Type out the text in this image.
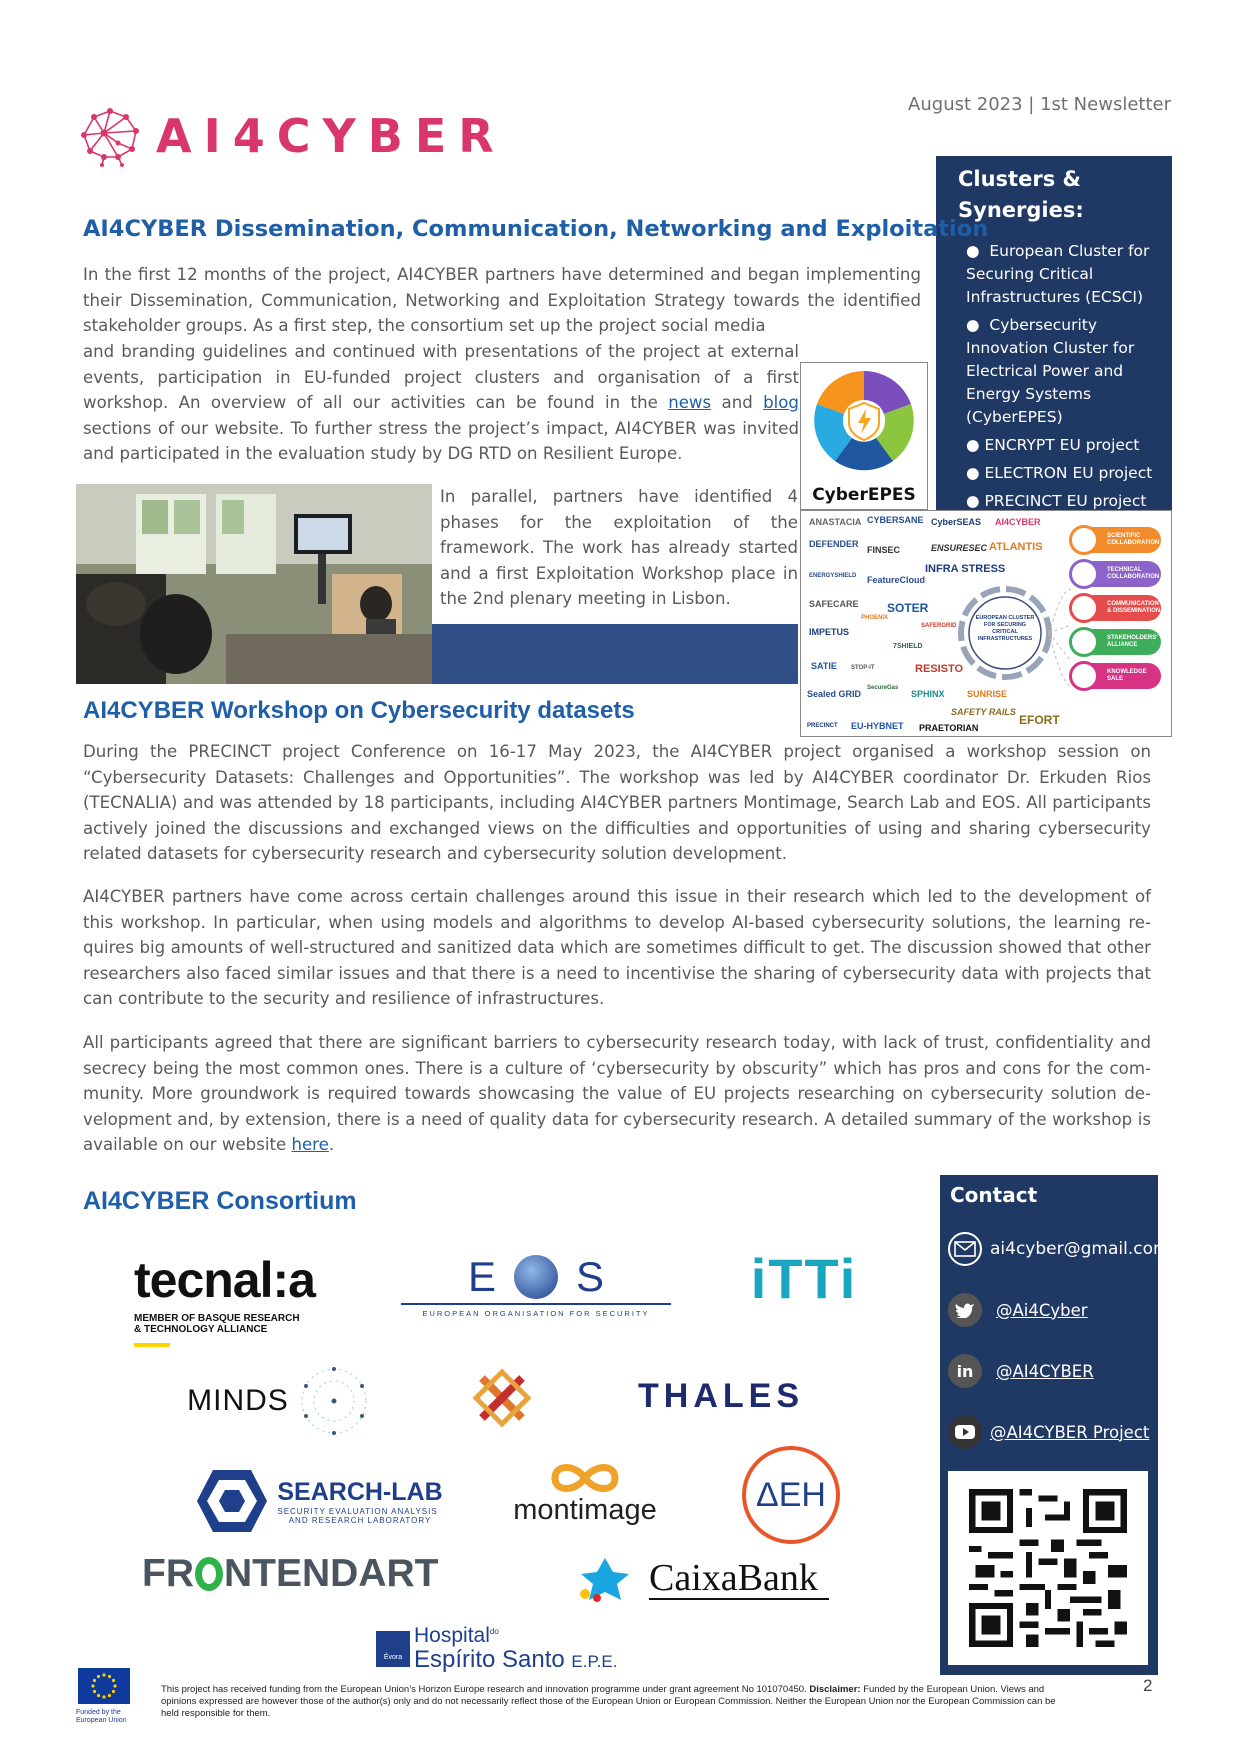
AI4CYBER
August 2023 | 1st Newsletter
Clusters &
Synergies:
●  European Cluster for Securing Critical Infrastructures (ECSCI)
●  Cybersecurity Innovation Cluster for Electrical Power and Energy Systems (CyberEPES)
● ENCRYPT EU project
● ELECTRON EU project
● PRECINCT EU project
AI4CYBER Dissemination, Communication, Networking and Exploitation

In the first 12 months of the project, AI4CYBER partners have determined and began implementing their Dissemination, Communication, Networking and Exploitation Strategy towards the identified stakeholder groups. As a first step, the consortium set up the project social media

and branding guidelines and continued with presentations of the project at external events, participation in EU-funded project clusters and organisation of a first workshop. An overview of all our activities can be found in the news and blog sections of our website. To further stress the project’s impact, AI4CYBER was invited and participated in the evaluation study by DG RTD on Resilient Europe.

In parallel, partners have identified 4 phases for the exploitation of the framework. The work has already started and a first Exploitation Workshop place in the 2nd plenary meeting in Lisbon.

CyberEPES
ANASTACIA CYBERSANE CyberSEAS AI4CYBER
DEFENDER
FINSEC	ENSURESEC ATLANTIS
ENERGYSHIELD FeatureCloud
INFRA STRESS
SAFECARE SOTER
IMPETUS
PHOENIX
SAFERGRID
7SHIELD
SATIE STOP-IT	RESISTO
Sealed GRID
SecureGas
SPHINX SUNRISE
SAFETY RAILS
PRECINCT EU-HYBNET PRAETORIAN
EFORT
EUROPEAN CLUSTER FOR SECURING CRITICAL INFRASTRUCTURES
SCIENTIFIC COLLABORATION
TECHNICAL COLLABORATION
COMMUNICATION & DISSEMINATION
STAKEHOLDERS' ALLIANCE
KNOWLEDGE SALE
AI4CYBER Workshop on Cybersecurity datasets

During the PRECINCT project Conference on 16-17 May 2023, the AI4CYBER project organised a workshop session on “Cybersecurity Datasets: Challenges and Opportunities”. The workshop was led by AI4CYBER coordinator Dr. Erkuden Rios (TECNALIA) and was attended by 18 participants, including AI4CYBER partners Montimage, Search Lab and EOS. All participants actively joined the discussions and exchanged views on the difficulties and opportunities of using and sharing cybersecurity related datasets for cybersecurity research and cybersecurity solution development.

AI4CYBER partners have come across certain challenges around this issue in their research which led to the development of this workshop. In particular, when using models and algorithms to develop AI-based cybersecurity solutions, the learning requires big amounts of well-structured and sanitized data which are sometimes difficult to get. The discussion showed that other researchers also faced similar issues and that there is a need to incentivise the sharing of cybersecurity data with projects that can contribute to the security and resilience of infrastructures.

All participants agreed that there are significant barriers to cybersecurity research today, with lack of trust, confidentiality and secrecy being the most common ones. There is a culture of ‘cybersecurity by obscurity” which has pros and cons for the community. More groundwork is required towards showcasing the value of EU projects researching on cybersecurity solution development and, by extension, there is a need of quality data for cybersecurity research. A detailed summary of the workshop is available on our website here.

AI4CYBER Consortium
tecnal:a
MEMBER OF BASQUE RESEARCH
& TECHNOLOGY ALLIANCE
E S
EUROPEAN ORGANISATION FOR SECURITY
iTTi
MINDS	THALES
SEARCH-LAB
SECURITY EVALUATION ANALYSIS
AND RESEARCH LABORATORY	montimage	ΔΕΗ
FR NTENDART	CaixaBank
Évora
Hospital$^{do}$
Espírito Santo E.P.E.
Contact
ai4cyber@gmail.com
@Ai4Cyber
in	@AI4CYBER
@AI4CYBER Project
Funded by the
European Union
This project has received funding from the European Union’s Horizon Europe research and innovation programme under grant agreement No 101070450. Disclaimer: Funded by the European Union. Views and opinions expressed are however those of the author(s) only and do not necessarily reflect those of the European Union or European Commission. Neither the European Union nor the European Commission can be held responsible for them.
2
